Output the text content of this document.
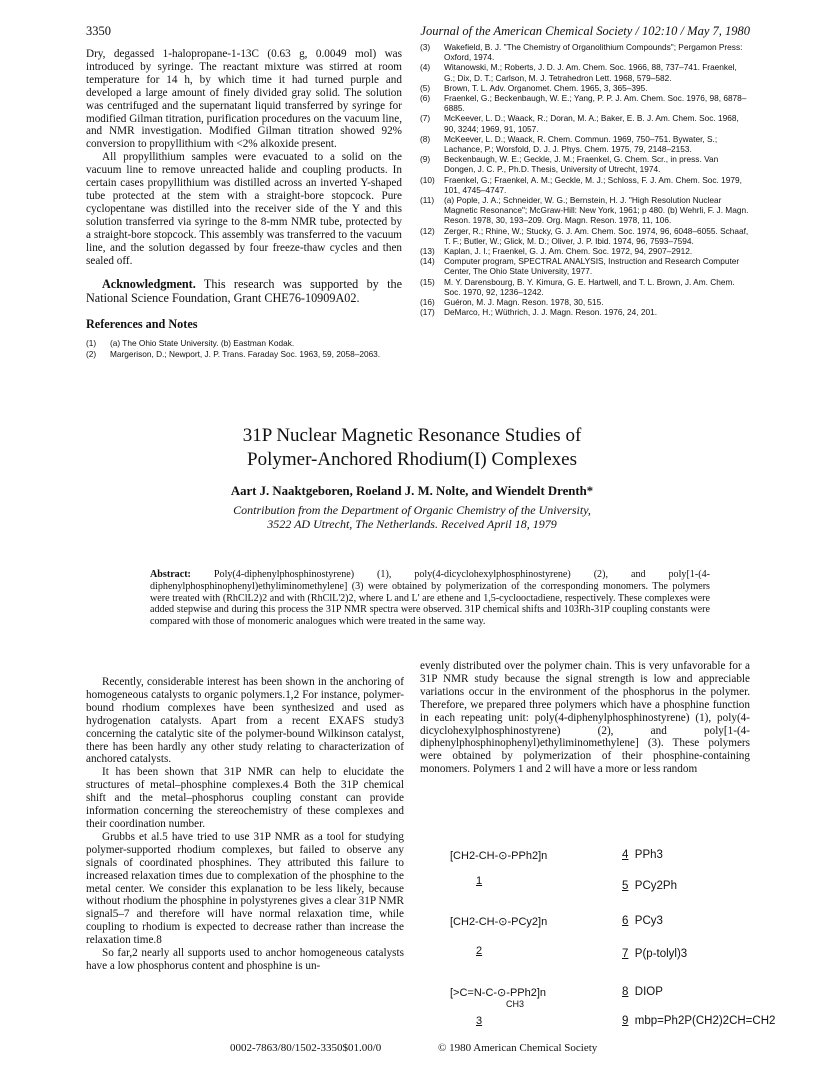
3350	Journal of the American Chemical Society / 102:10 / May 7, 1980

Dry, degassed 1-halopropane-1-13C (0.63 g, 0.0049 mol) was introduced by syringe. The reactant mixture was stirred at room temperature for 14 h, by which time it had turned purple and developed a large amount of finely divided gray solid. The solution was centrifuged and the supernatant liquid transferred by syringe for modified Gilman titration, purification procedures on the vacuum line, and NMR investigation. Modified Gilman titration showed 92% conversion to propyllithium with <2% alkoxide present.

All propyllithium samples were evacuated to a solid on the vacuum line to remove unreacted halide and coupling products. In certain cases propyllithium was distilled across an inverted Y-shaped tube protected at the stem with a straight-bore stopcock. Pure cyclopentane was distilled into the receiver side of the Y and this solution transferred via syringe to the 8-mm NMR tube, protected by a straight-bore stopcock. This assembly was transferred to the vacuum line, and the solution degassed by four freeze-thaw cycles and then sealed off.

Acknowledgment. This research was supported by the National Science Foundation, Grant CHE76-10909A02.

References and Notes
(1)	(a) The Ohio State University. (b) Eastman Kodak.
(2)	Margerison, D.; Newport, J. P. Trans. Faraday Soc. 1963, 59, 2058–2063.
(3)	Wakefield, B. J. "The Chemistry of Organolithium Compounds"; Pergamon Press: Oxford, 1974.
(4)	Witanowski, M.; Roberts, J. D. J. Am. Chem. Soc. 1966, 88, 737–741. Fraenkel, G.; Dix, D. T.; Carlson, M. J. Tetrahedron Lett. 1968, 579–582.
(5)	Brown, T. L. Adv. Organomet. Chem. 1965, 3, 365–395.
(6)	Fraenkel, G.; Beckenbaugh, W. E.; Yang, P. P. J. Am. Chem. Soc. 1976, 98, 6878–6885.
(7)	McKeever, L. D.; Waack, R.; Doran, M. A.; Baker, E. B. J. Am. Chem. Soc. 1968, 90, 3244; 1969, 91, 1057.
(8)	McKeever, L. D.; Waack, R. Chem. Commun. 1969, 750–751. Bywater, S.; Lachance, P.; Worsfold, D. J. J. Phys. Chem. 1975, 79, 2148–2153.
(9)	Beckenbaugh, W. E.; Geckle, J. M.; Fraenkel, G. Chem. Scr., in press. Van Dongen, J. C. P., Ph.D. Thesis, University of Utrecht, 1974.
(10)	Fraenkel, G.; Fraenkel, A. M.; Geckle, M. J.; Schloss, F. J. Am. Chem. Soc. 1979, 101, 4745–4747.
(11)	(a) Pople, J. A.; Schneider, W. G.; Bernstein, H. J. "High Resolution Nuclear Magnetic Resonance"; McGraw-Hill: New York, 1961; p 480. (b) Wehrli, F. J. Magn. Reson. 1978, 30, 193–209. Org. Magn. Reson. 1978, 11, 106.
(12)	Zerger, R.; Rhine, W.; Stucky, G. J. Am. Chem. Soc. 1974, 96, 6048–6055. Schaaf, T. F.; Butler, W.; Glick, M. D.; Oliver, J. P. Ibid. 1974, 96, 7593–7594.
(13)	Kaplan, J. I.; Fraenkel, G. J. Am. Chem. Soc. 1972, 94, 2907–2912.
(14)	Computer program, SPECTRAL ANALYSIS, Instruction and Research Computer Center, The Ohio State University, 1977.
(15)	M. Y. Darensbourg, B. Y. Kimura, G. E. Hartwell, and T. L. Brown, J. Am. Chem. Soc. 1970, 92, 1236–1242.
(16)	Guéron, M. J. Magn. Reson. 1978, 30, 515.
(17)	DeMarco, H.; Wüthrich, J. J. Magn. Reson. 1976, 24, 201.
31P Nuclear Magnetic Resonance Studies of
Polymer-Anchored Rhodium(I) Complexes
Aart J. Naaktgeboren, Roeland J. M. Nolte, and Wiendelt Drenth*
Contribution from the Department of Organic Chemistry of the University,
3522 AD Utrecht, The Netherlands. Received April 18, 1979
Abstract: Poly(4-diphenylphosphinostyrene) (1), poly(4-dicyclohexylphosphinostyrene) (2), and poly[1-(4-diphenylphosphinophenyl)ethyliminomethylene] (3) were obtained by polymerization of the corresponding monomers. The polymers were treated with (RhClL2)2 and with (RhClL'2)2, where L and L' are ethene and 1,5-cyclooctadiene, respectively. These complexes were added stepwise and during this process the 31P NMR spectra were observed. 31P chemical shifts and 103Rh-31P coupling constants were compared with those of monomeric analogues which were treated in the same way.

Recently, considerable interest has been shown in the anchoring of homogeneous catalysts to organic polymers.1,2 For instance, polymer-bound rhodium complexes have been synthesized and used as hydrogenation catalysts. Apart from a recent EXAFS study3 concerning the catalytic site of the polymer-bound Wilkinson catalyst, there has been hardly any other study relating to characterization of anchored catalysts.

It has been shown that 31P NMR can help to elucidate the structures of metal–phosphine complexes.4 Both the 31P chemical shift and the metal–phosphorus coupling constant can provide information concerning the stereochemistry of these complexes and their coordination number.

Grubbs et al.5 have tried to use 31P NMR as a tool for studying polymer-supported rhodium complexes, but failed to observe any signals of coordinated phosphines. They attributed this failure to increased relaxation times due to complexation of the phosphine to the metal center. We consider this explanation to be less likely, because without rhodium the phosphine in polystyrenes gives a clear 31P NMR signal5–7 and therefore will have normal relaxation time, while coupling to rhodium is expected to decrease rather than increase the relaxation time.8

So far,2 nearly all supports used to anchor homogeneous catalysts have a low phosphorus content and phosphine is un-

evenly distributed over the polymer chain. This is very unfavorable for a 31P NMR study because the signal strength is low and appreciable variations occur in the environment of the phosphorus in the polymer. Therefore, we prepared three polymers which have a phosphine function in each repeating unit: poly(4-diphenylphosphinostyrene) (1), poly(4-dicyclohexylphosphinostyrene) (2), and poly[1-(4-diphenylphosphinophenyl)ethyliminomethylene] (3). These polymers were obtained by polymerization of their phosphine-containing monomers. Polymers 1 and 2 will have a more or less random

[CH2-CH-⊙-PPh2]n
1
[CH2-CH-⊙-PCy2]n
2
[>C=N-C-⊙-PPh2]n
CH3
3
4 PPh3
5 PCy2Ph
6 PCy3
7 P(p-tolyl)3
8 DIOP
9 mbp=Ph2P(CH2)2CH=CH2
0002-7863/80/1502-3350$01.00/0	© 1980 American Chemical Society
